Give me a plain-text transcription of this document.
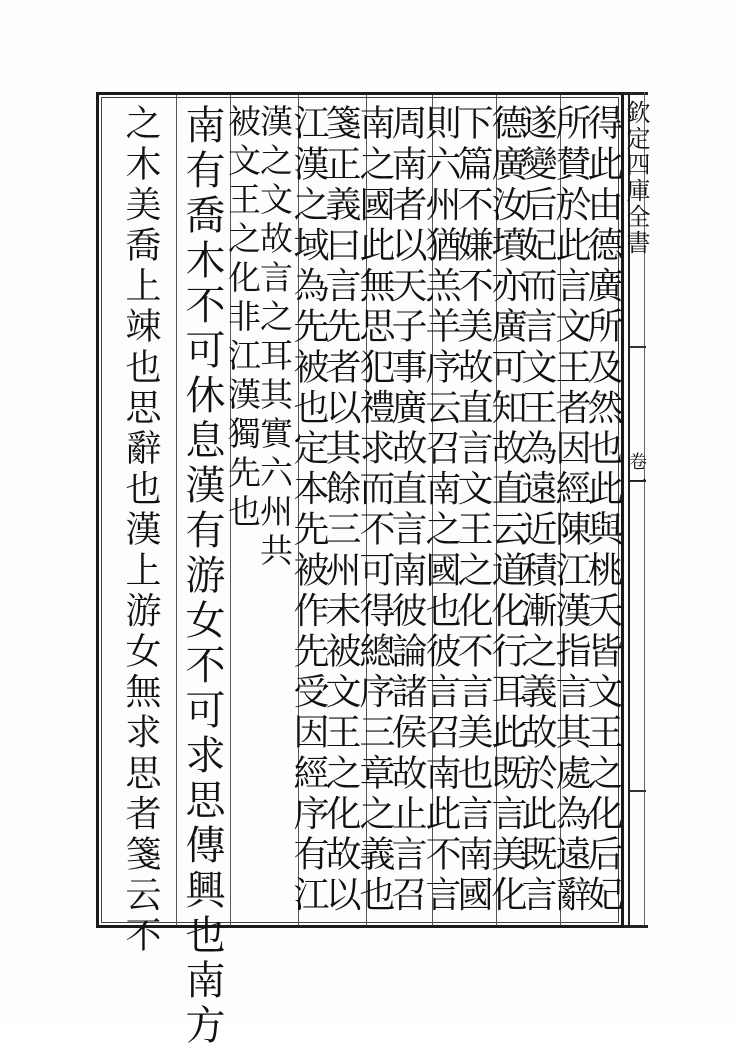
欽定四庫全書
卷一
得此由德廣所及然也此與桃夭皆文王之化后妃
所賛於此言文王者因經陳江漢指言其處為遠辭
遂變后妃而言文王為遠近積漸之義故於此既言
德廣汝墳亦廣可知故直云道化行耳此既言美化
下篇不嫌不美故直言文王之化不言美也言南國
則六州猶羔羊序云召南之國也彼言召南此不言
周南者以天子事廣故直言南彼論諸侯故止言召
南之國此無思犯禮求而不可得總序三章之義也
箋正義曰言先者以其餘三州未被文王之化故以
江漢之域為先被也定本先被作先受因經序有江
漢之文故言之耳其實六州共
被文王之化非江漢獨先也
南有喬木不可休息漢有游女不可求思傳興也南方
之木美喬上竦也思辭也漢上游女無求思者箋云不
